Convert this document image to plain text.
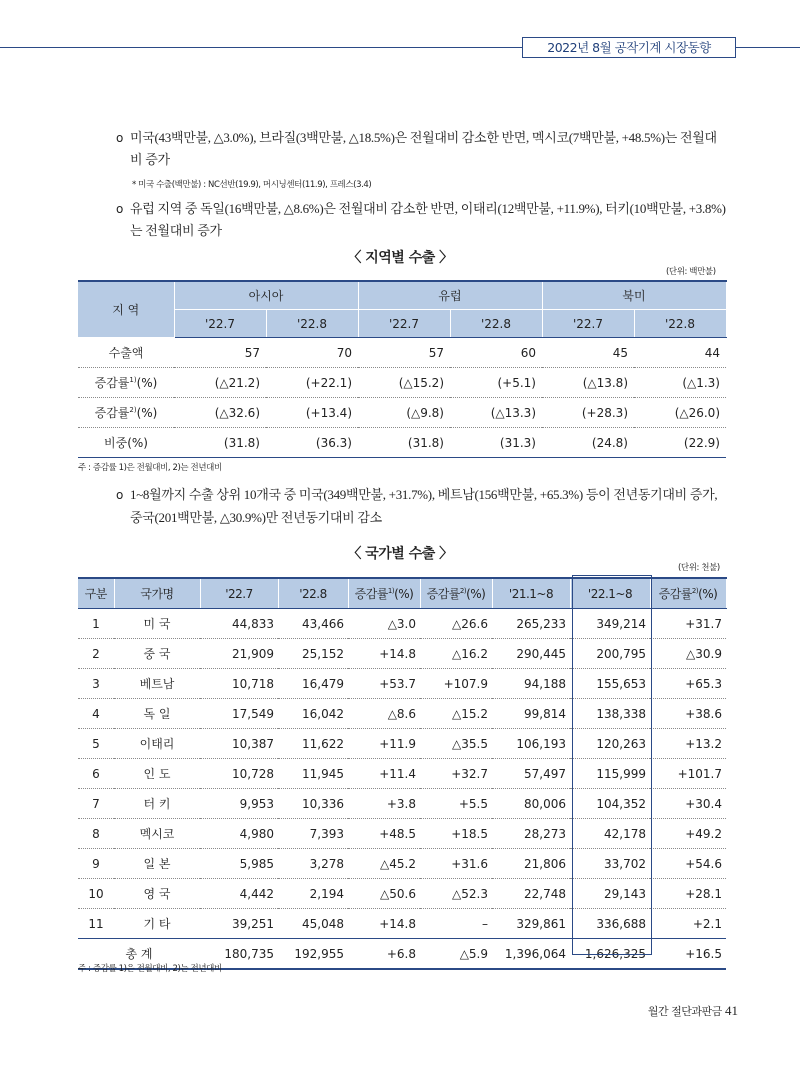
2022년 8월 공작기계 시장동향
o 미국(43백만불, △3.0%), 브라질(3백만불, △18.5%)은 전월대비 감소한 반면, 멕시코(7백만불, +48.5%)는 전월대
비 증가
* 미국 수출(백만불) : NC선반(19.9), 머시닝센터(11.9), 프레스(3.4)
o 유럽 지역 중 독일(16백만불, △8.6%)은 전월대비 감소한 반면, 이태리(12백만불, +11.9%), 터키(10백만불, +3.8%)
는 전월대비 증가
〈 지역별 수출 〉
(단위: 백만불)
지 역	아시아		유럽		북미	
	'22.7	'22.8	'22.7	'22.8	'22.7	'22.8
수출액	57	70	57	60	45	44
증감률$^{1)}$(%)	(△21.2)	(+22.1)	(△15.2)	(+5.1)	(△13.8)	(△1.3)
증감률$^{2)}$(%)	(△32.6)	(+13.4)	(△9.8)	(△13.3)	(+28.3)	(△26.0)
비중(%)	(31.8)	(36.3)	(31.8)	(31.3)	(24.8)	(22.9)
주 : 증감률 1)은 전월대비, 2)는 전년대비
o 1~8월까지 수출 상위 10개국 중 미국(349백만불, +31.7%), 베트남(156백만불, +65.3%) 등이 전년동기대비 증가,
중국(201백만불, △30.9%)만 전년동기대비 감소
〈 국가별 수출 〉
(단위: 천불)
구분	국가명	'22.7	'22.8	증감률$^{1)}$(%)	증감률$^{2)}$(%)	'21.1~8	'22.1~8	증감률$^{2)}$(%)
1	미 국	44,833	43,466	△3.0	△26.6	265,233	349,214	+31.7
2	중 국	21,909	25,152	+14.8	△16.2	290,445	200,795	△30.9
3	베트남	10,718	16,479	+53.7	+107.9	94,188	155,653	+65.3
4	독 일	17,549	16,042	△8.6	△15.2	99,814	138,338	+38.6
5	이태리	10,387	11,622	+11.9	△35.5	106,193	120,263	+13.2
6	인 도	10,728	11,945	+11.4	+32.7	57,497	115,999	+101.7
7	터 키	9,953	10,336	+3.8	+5.5	80,006	104,352	+30.4
8	멕시코	4,980	7,393	+48.5	+18.5	28,273	42,178	+49.2
9	일 본	5,985	3,278	△45.2	+31.6	21,806	33,702	+54.6
10	영 국	4,442	2,194	△50.6	△52.3	22,748	29,143	+28.1
11	기 타	39,251	45,048	+14.8	–	329,861	336,688	+2.1
총 계		180,735	192,955	+6.8	△5.9	1,396,064	1,626,325	+16.5
주 : 증감률 1)은 전월대비, 2)는 전년대비
월간 절단과판금 41
